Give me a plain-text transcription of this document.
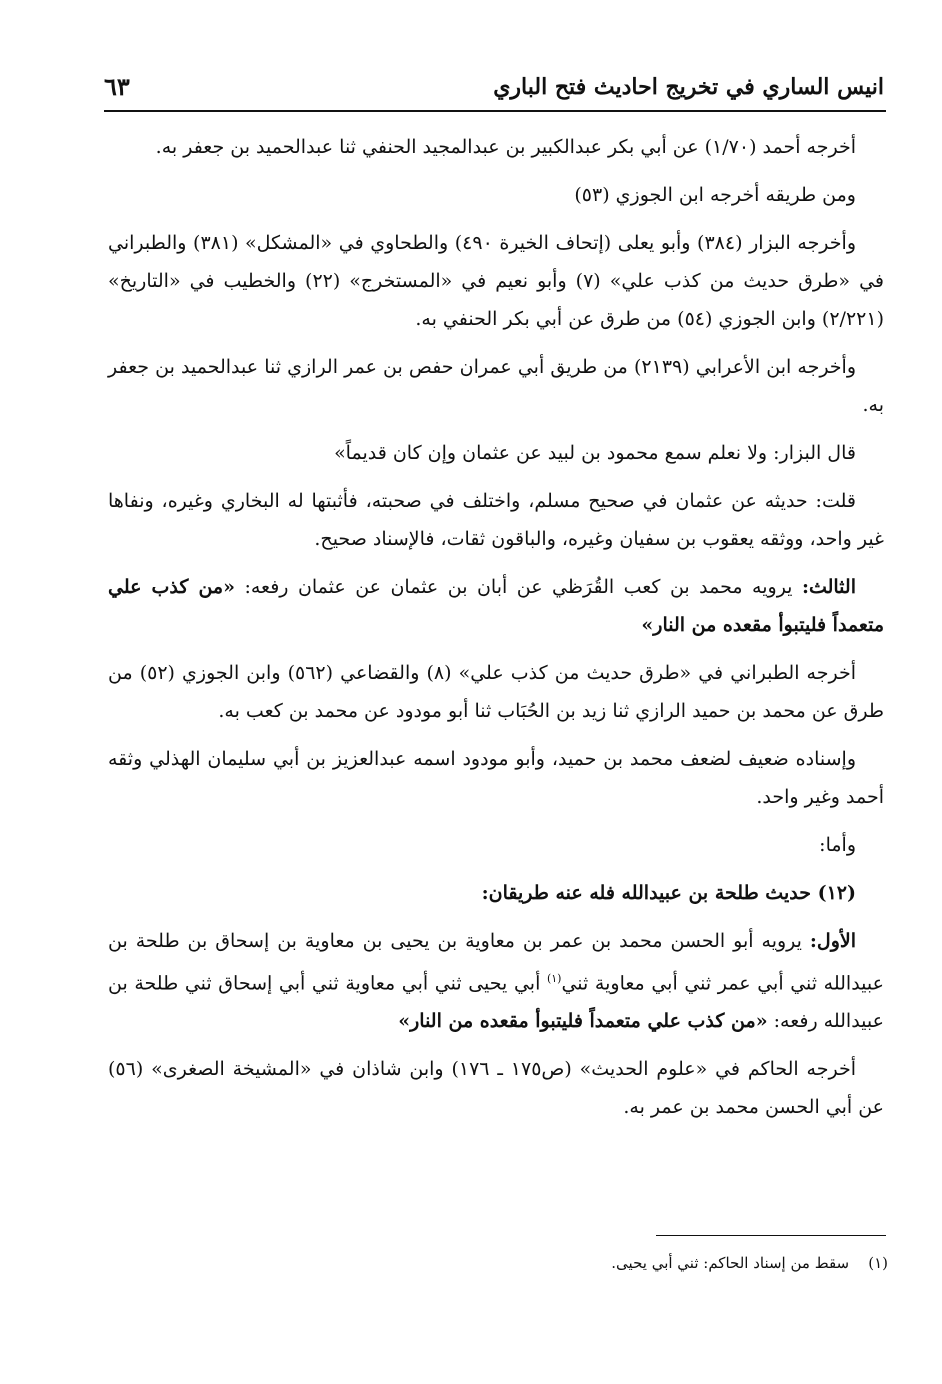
انيس الساري في تخريج احاديث فتح الباري
٦٣

أخرجه أحمد (١/٧٠) عن أبي بكر عبدالكبير بن عبدالمجيد الحنفي ثنا عبدالحميد بن جعفر به.

ومن طريقه أخرجه ابن الجوزي (٥٣)

وأخرجه البزار (٣٨٤) وأبو يعلى (إتحاف الخيرة ٤٩٠) والطحاوي في «المشكل» (٣٨١) والطبراني في «طرق حديث من كذب علي» (٧) وأبو نعيم في «المستخرج» (٢٢) والخطيب في «التاريخ» (٢/٢٢١) وابن الجوزي (٥٤) من طرق عن أبي بكر الحنفي به.

وأخرجه ابن الأعرابي (٢١٣٩) من طريق أبي عمران حفص بن عمر الرازي ثنا عبدالحميد بن جعفر به.

قال البزار: ولا نعلم سمع محمود بن لبيد عن عثمان وإن كان قديماً»

قلت: حديثه عن عثمان في صحيح مسلم، واختلف في صحبته، فأثبتها له البخاري وغيره، ونفاها غير واحد، ووثقه يعقوب بن سفيان وغيره، والباقون ثقات، فالإسناد صحيح.

الثالث: يرويه محمد بن كعب القُرَظي عن أبان بن عثمان عن عثمان رفعه: «من كذب علي متعمداً فليتبوأ مقعده من النار»

أخرجه الطبراني في «طرق حديث من كذب علي» (٨) والقضاعي (٥٦٢) وابن الجوزي (٥٢) من طرق عن محمد بن حميد الرازي ثنا زيد بن الحُبَاب ثنا أبو مودود عن محمد بن كعب به.

وإسناده ضعيف لضعف محمد بن حميد، وأبو مودود اسمه عبدالعزيز بن أبي سليمان الهذلي وثقه أحمد وغير واحد.

وأما:

(١٢) حديث طلحة بن عبيدالله فله عنه طريقان:

الأول: يرويه أبو الحسن محمد بن عمر بن معاوية بن يحيى بن معاوية بن إسحاق بن طلحة بن عبيدالله ثني أبي عمر ثني أبي معاوية ثني$^{(١)}$ أبي يحيى ثني أبي معاوية ثني أبي إسحاق ثني طلحة بن عبيدالله رفعه: «من كذب علي متعمداً فليتبوأ مقعده من النار»

أخرجه الحاكم في «علوم الحديث» (ص١٧٥ ـ ١٧٦) وابن شاذان في «المشيخة الصغرى» (٥٦) عن أبي الحسن محمد بن عمر به.

(١)    سقط من إسناد الحاكم: ثني أبي يحيى.
